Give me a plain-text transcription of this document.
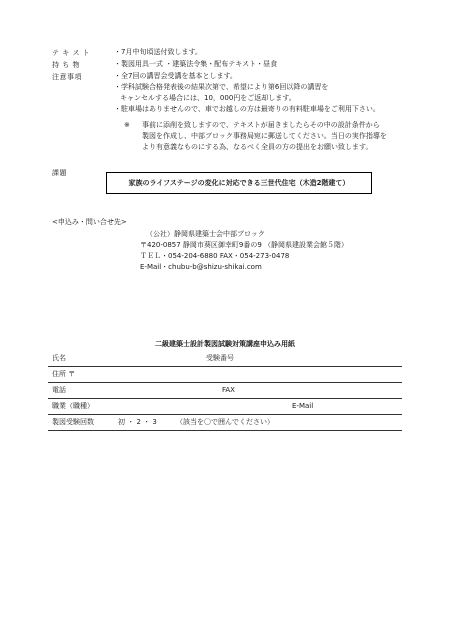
テ キ ス ト	・7月中旬頃送付致します。
持 ち 物	・製図用具一式 ・建築法令集・配布テキスト・昼食
注意事項	・全7回の講習会受講を基本とします。
・学科試験合格発表後の結果次第で、希望により第6回以降の講習を
キャンセルする場合には、10，000円をご返却します。
・駐車場はありませんので、車でお越しの方は最寄りの有料駐車場をご利用下さい。
※ 事前に添削を致しますので、テキストが届きましたらその中の設計条件から
製図を作成し、中部ブロック事務局宛に郵送してください。当日の実作指導を
より有意義なものにする為、なるべく全員の方の提出をお願い致します。
課題
家族のライフステージの変化に対応できる三世代住宅（木造2階建て）
<申込み・問い合せ先>
（公社）静岡県建築士会中部ブロック
〒420-0857 静岡市葵区御幸町9番の9 （静岡県建設業会館５階）
ＴＥＬ・054-204-6880 FAX・054-273-0478
E-Mail・chubu-b@shizu-shikai.com
二級建築士設計製図試験対策講座申込み用紙
氏名	受験番号
住所 〒
電話	FAX
職業（職種）	E-Mail
製図受験回数	初 ・ 2 ・ 3	（該当を〇で囲んでください）
